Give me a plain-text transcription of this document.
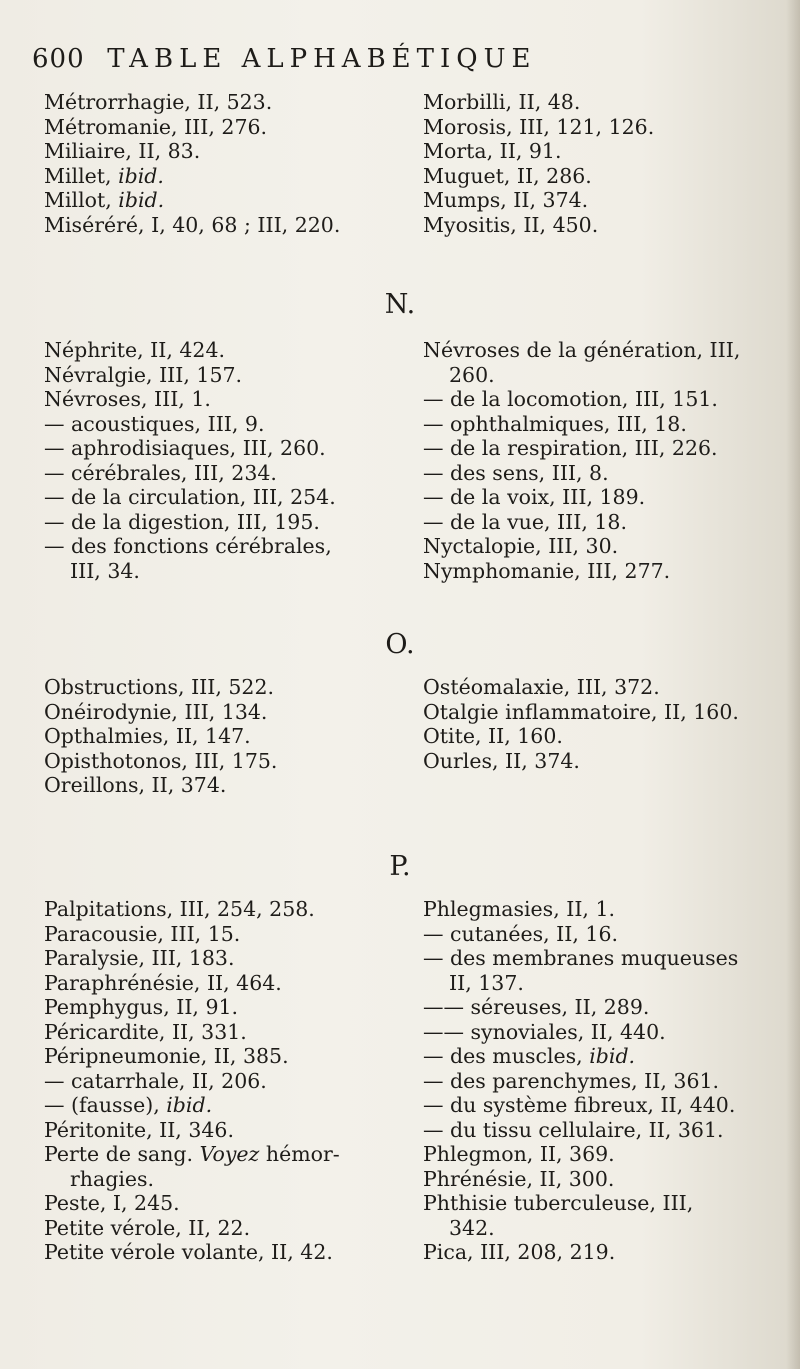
600 TABLE ALPHABÉTIQUE
Métrorrhagie, II, 523.
Métromanie, III, 276.
Miliaire, II, 83.
Millet, ibid.
Millot, ibid.
Miséréré, I, 40, 68 ; III, 220.
Morbilli, II, 48.
Morosis, III, 121, 126.
Morta, II, 91.
Muguet, II, 286.
Mumps, II, 374.
Myositis, II, 450.
N.
Néphrite, II, 424.
Névralgie, III, 157.
Névroses, III, 1.
— acoustiques, III, 9.
— aphrodisiaques, III, 260.
— cérébrales, III, 234.
— de la circulation, III, 254.
— de la digestion, III, 195.
— des fonctions cérébrales,
III, 34.
Névroses de la génération, III,
260.
— de la locomotion, III, 151.
— ophthalmiques, III, 18.
— de la respiration, III, 226.
— des sens, III, 8.
— de la voix, III, 189.
— de la vue, III, 18.
Nyctalopie, III, 30.
Nymphomanie, III, 277.
O.
Obstructions, III, 522.
Onéirodynie, III, 134.
Opthalmies, II, 147.
Opisthotonos, III, 175.
Oreillons, II, 374.
Ostéomalaxie, III, 372.
Otalgie inflammatoire, II, 160.
Otite, II, 160.
Ourles, II, 374.
P.
Palpitations, III, 254, 258.
Paracousie, III, 15.
Paralysie, III, 183.
Paraphrénésie, II, 464.
Pemphygus, II, 91.
Péricardite, II, 331.
Péripneumonie, II, 385.
— catarrhale, II, 206.
— (fausse), ibid.
Péritonite, II, 346.
Perte de sang. Voyez hémor-
rhagies.
Peste, I, 245.
Petite vérole, II, 22.
Petite vérole volante, II, 42.
Phlegmasies, II, 1.
— cutanées, II, 16.
— des membranes muqueuses
II, 137.
—— séreuses, II, 289.
—— synoviales, II, 440.
— des muscles, ibid.
— des parenchymes, II, 361.
— du système fibreux, II, 440.
— du tissu cellulaire, II, 361.
Phlegmon, II, 369.
Phrénésie, II, 300.
Phthisie tuberculeuse, III,
342.
Pica, III, 208, 219.
